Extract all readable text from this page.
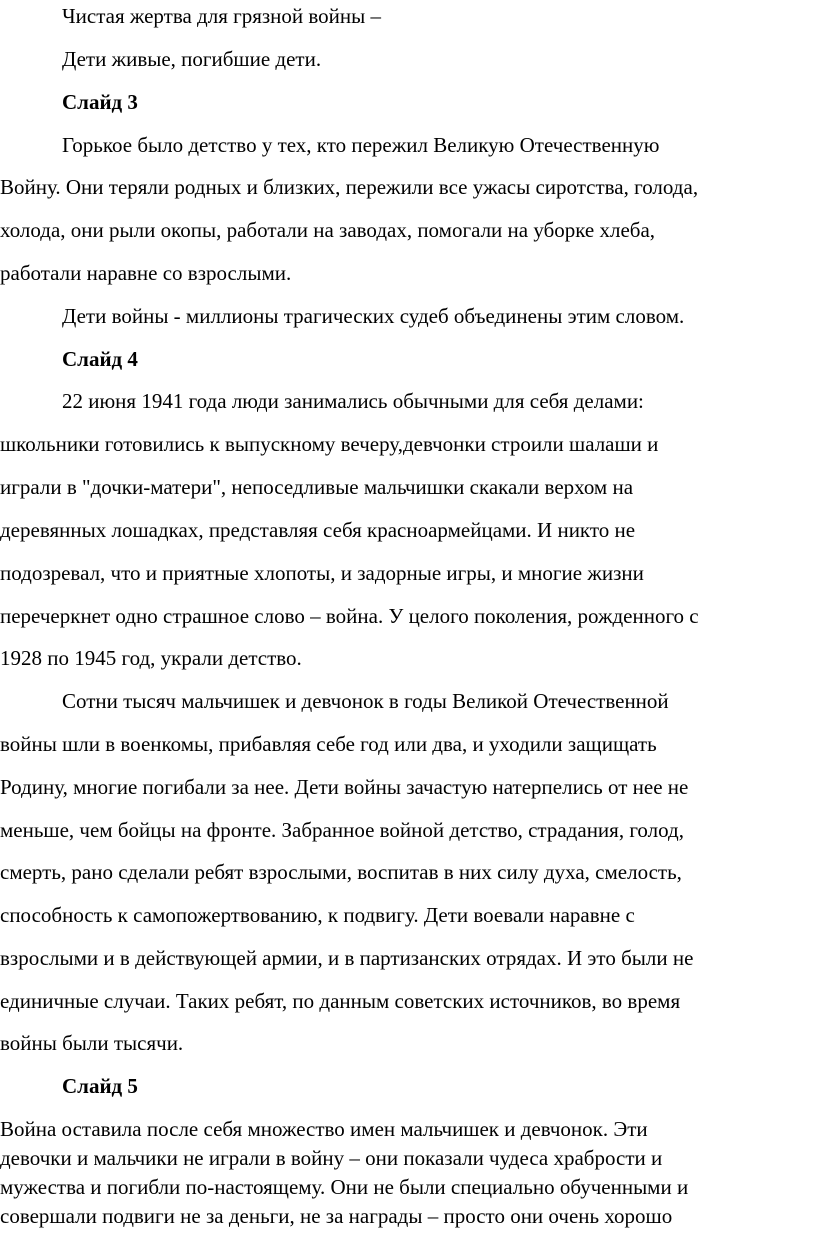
Чистая жертва для грязной войны –

Дети живые, погибшие дети.

Слайд 3

Горькое было детство у тех, кто пережил Великую Отечественную

Войну. Они теряли родных и близких, пережили все ужасы сиротства, голода,

холода, они рыли окопы, работали на заводах, помогали на уборке хлеба,

работали наравне со взрослыми.

Дети войны - миллионы трагических судеб объединены этим словом.

Слайд 4

22 июня 1941 года люди занимались обычными для себя делами:

школьники готовились к выпускному вечеру,девчонки строили шалаши и

играли в "дочки-матери", непоседливые мальчишки скакали верхом на

деревянных лошадках, представляя себя красноармейцами. И никто не

подозревал, что и приятные хлопоты, и задорные игры, и многие жизни

перечеркнет одно страшное слово – война. У целого поколения, рожденного с

1928 по 1945 год, украли детство.

Сотни тысяч мальчишек и девчонок в годы Великой Отечественной

войны шли в военкомы, прибавляя себе год или два, и уходили защищать

Родину, многие погибали за нее. Дети войны зачастую натерпелись от нее не

меньше, чем бойцы на фронте. Забранное войной детство, страдания, голод,

смерть, рано сделали ребят взрослыми, воспитав в них силу духа, смелость,

способность к самопожертвованию, к подвигу. Дети воевали наравне с

взрослыми и в действующей армии, и в партизанских отрядах. И это были не

единичные случаи. Таких ребят, по данным советских источников, во время

войны были тысячи.

Слайд 5

Война оставила после себя множество имен мальчишек и девчонок. Эти

девочки и мальчики не играли в войну – они показали чудеса храбрости и

мужества и погибли по-настоящему. Они не были специально обученными и

совершали подвиги не за деньги, не за награды – просто они очень хорошо
